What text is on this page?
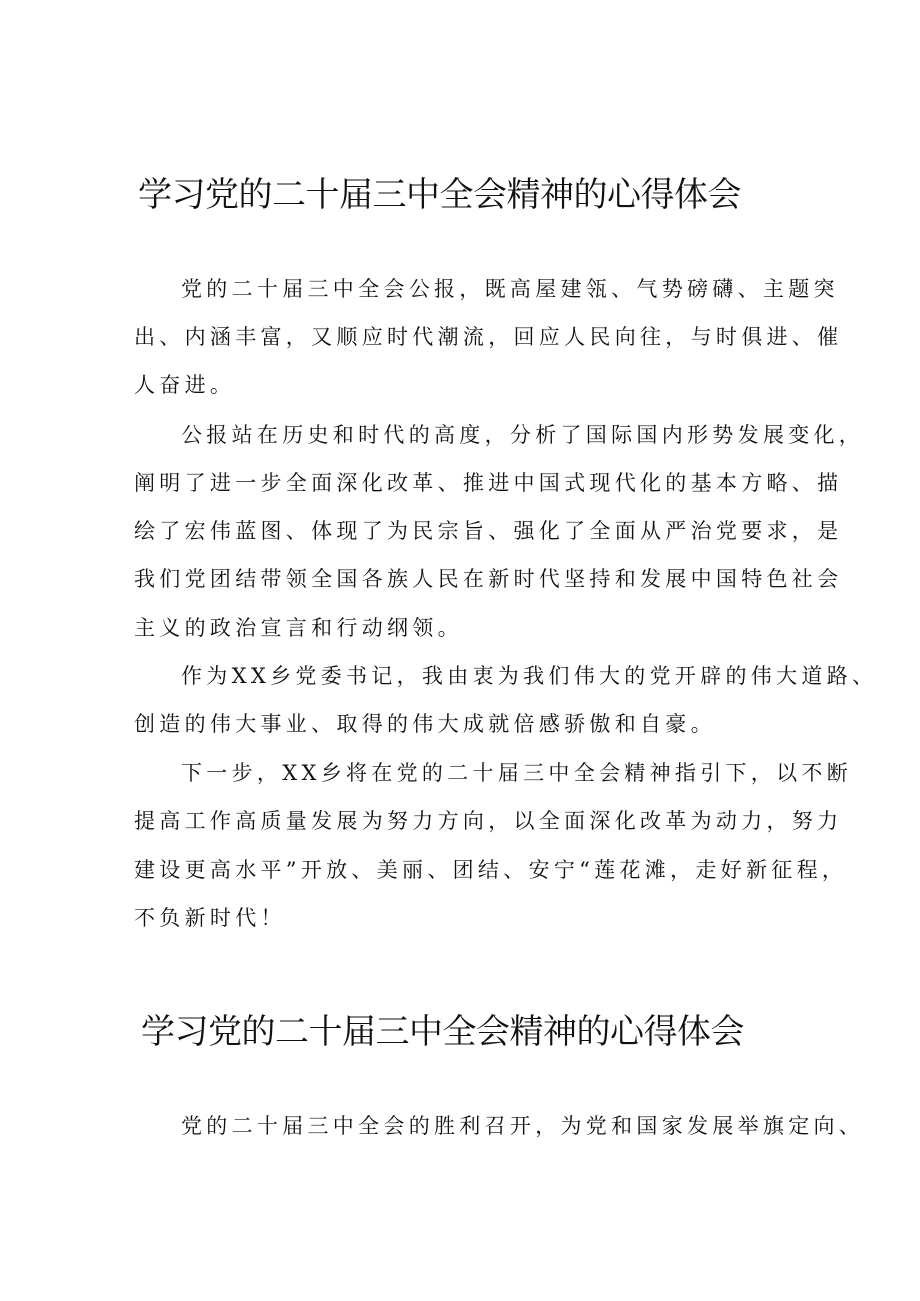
学习党的二十届三中全会精神的心得体会

党的二十届三中全会公报，既高屋建瓴、气势磅礴、主题突

出、内涵丰富，又顺应时代潮流，回应人民向往，与时俱进、催

人奋进。

公报站在历史和时代的高度，分析了国际国内形势发展变化，

阐明了进一步全面深化改革、推进中国式现代化的基本方略、描

绘了宏伟蓝图、体现了为民宗旨、强化了全面从严治党要求，是

我们党团结带领全国各族人民在新时代坚持和发展中国特色社会

主义的政治宣言和行动纲领。

作为XX乡党委书记，我由衷为我们伟大的党开辟的伟大道路、

创造的伟大事业、取得的伟大成就倍感骄傲和自豪。

下一步，XX乡将在党的二十届三中全会精神指引下，以不断

提高工作高质量发展为努力方向，以全面深化改革为动力，努力

建设更高水平”开放、美丽、团结、安宁“莲花滩，走好新征程，

不负新时代！

学习党的二十届三中全会精神的心得体会

党的二十届三中全会的胜利召开，为党和国家发展举旗定向、
